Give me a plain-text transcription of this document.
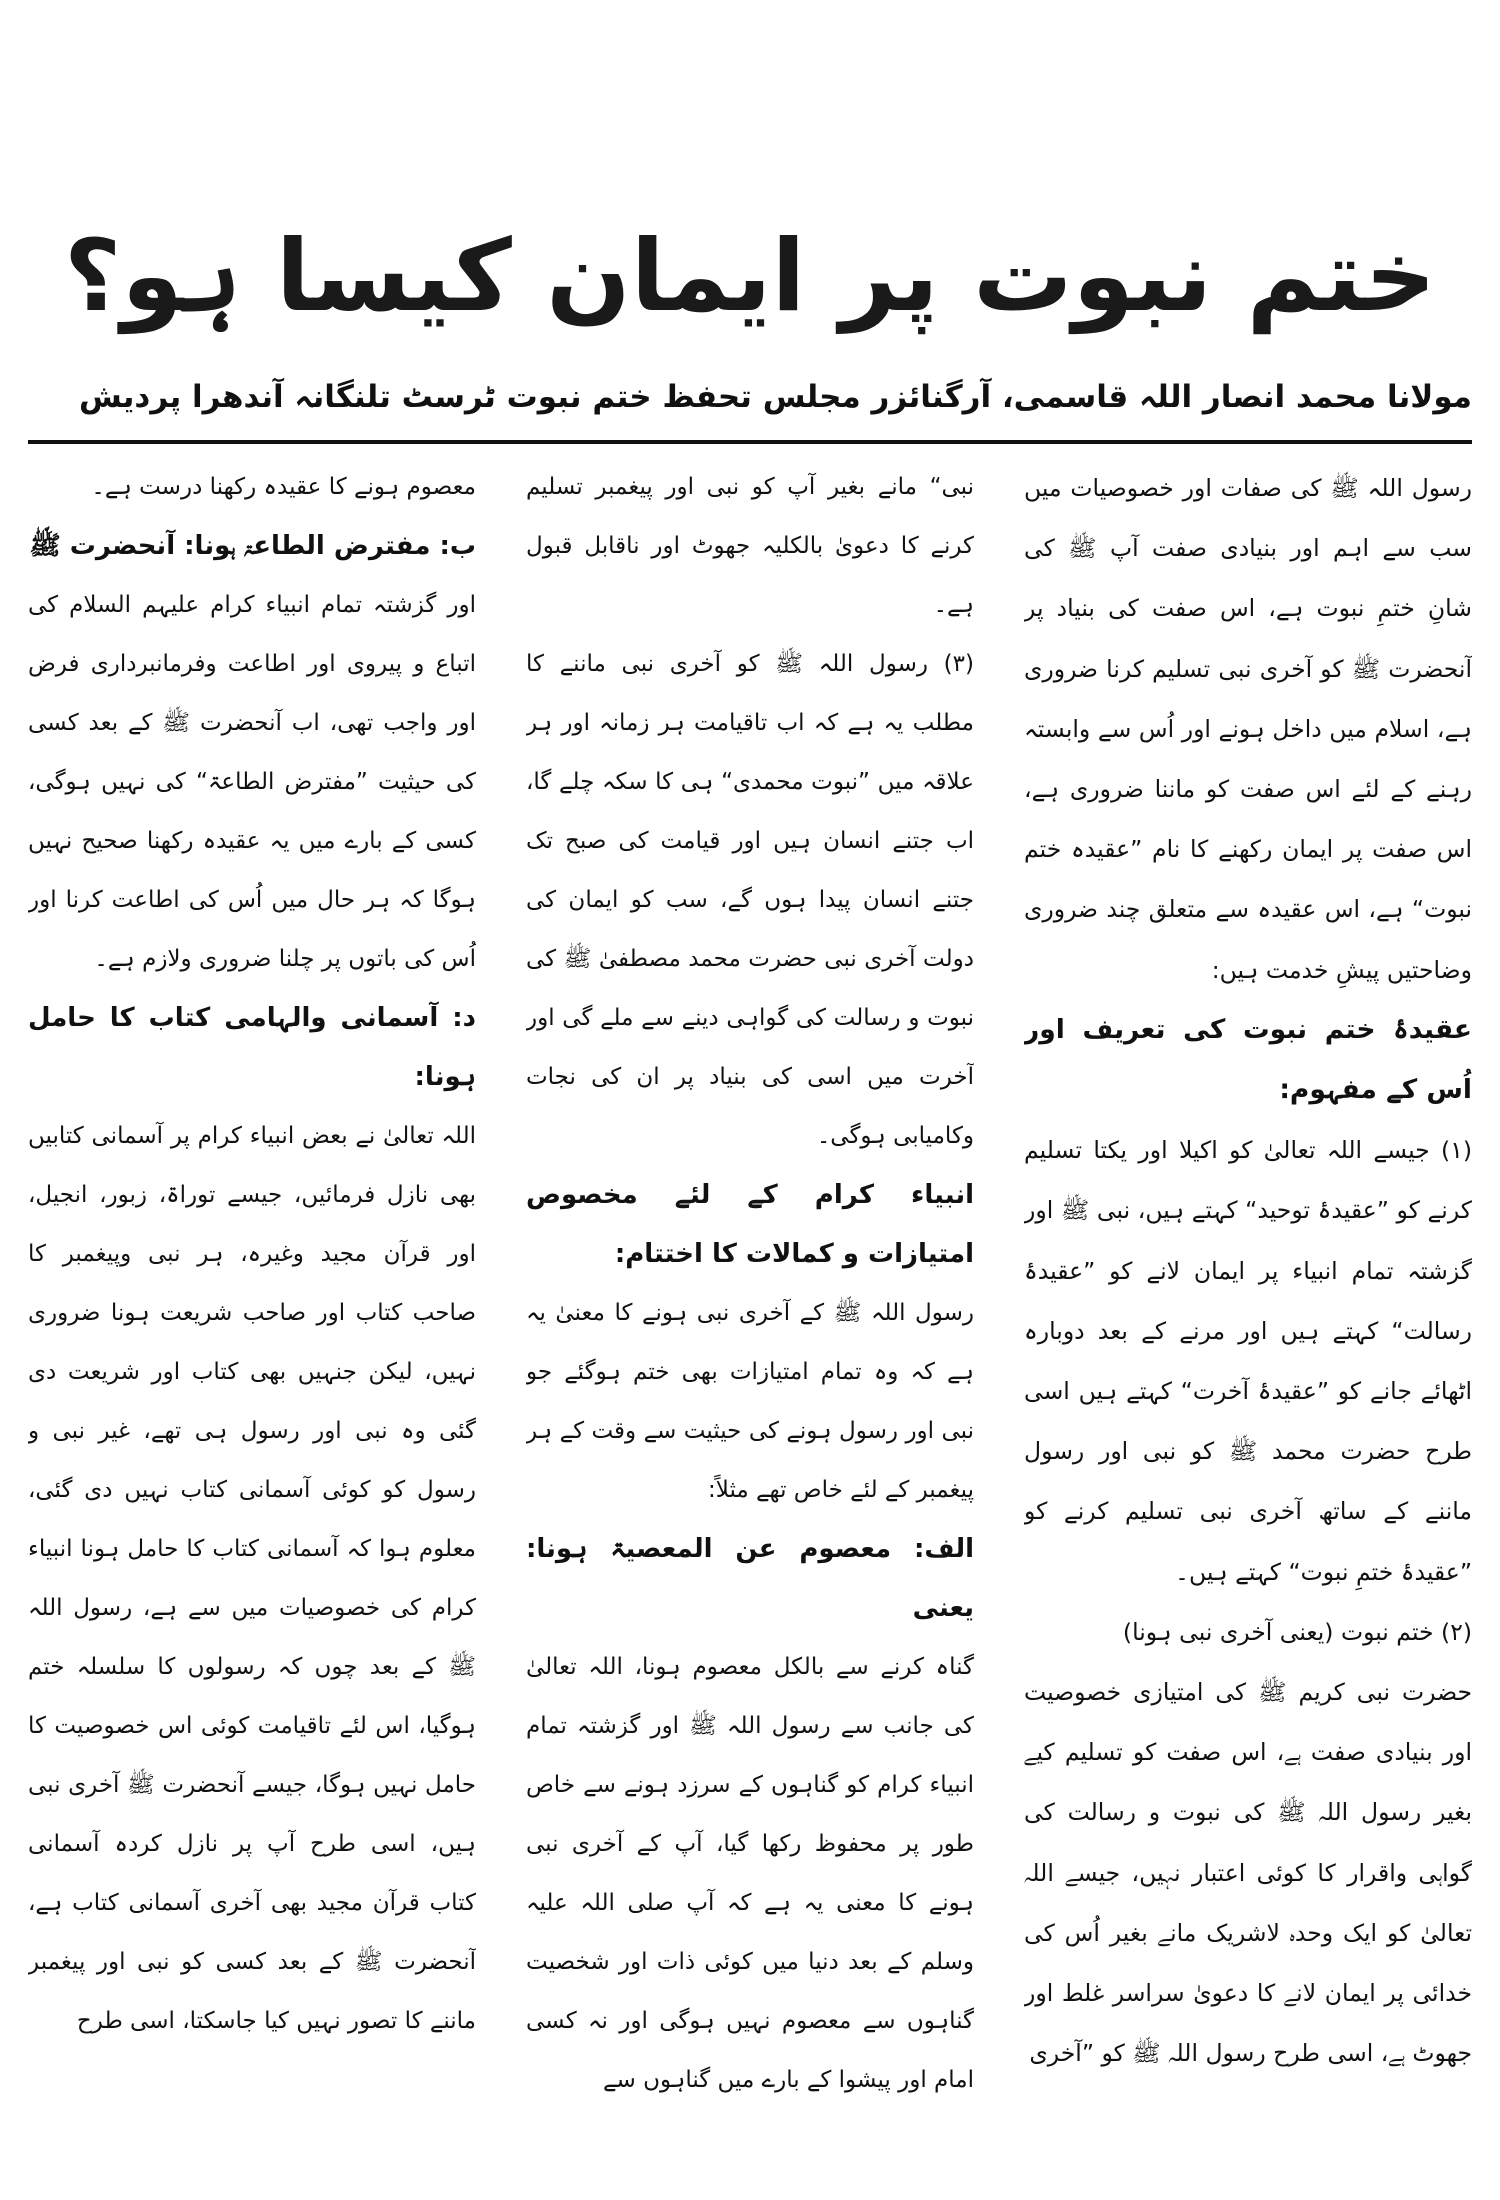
ختم نبوت پر ایمان کیسا ہو؟
مولانا محمد انصار اللہ قاسمی، آرگنائزر مجلس تحفظ ختم نبوت ٹرسٹ تلنگانہ آندھرا پردیش

رسول اللہ ﷺ کی صفات اور خصوصیات میں سب سے اہم اور بنیادی صفت آپ ﷺ کی شانِ ختمِ نبوت ہے، اس صفت کی بنیاد پر آنحضرت ﷺ کو آخری نبی تسلیم کرنا ضروری ہے، اسلام میں داخل ہونے اور اُس سے وابستہ رہنے کے لئے اس صفت کو ماننا ضروری ہے، اس صفت پر ایمان رکھنے کا نام ”عقیدہ ختم نبوت“ ہے، اس عقیدہ سے متعلق چند ضروری وضاحتیں پیشِ خدمت ہیں:

عقیدۂ ختم نبوت کی تعریف اور اُس کے مفہوم:

(۱) جیسے اللہ تعالیٰ کو اکیلا اور یکتا تسلیم کرنے کو ”عقیدۂ توحید“ کہتے ہیں، نبی ﷺ اور گزشتہ تمام انبیاء پر ایمان لانے کو ”عقیدۂ رسالت“ کہتے ہیں اور مرنے کے بعد دوبارہ اٹھائے جانے کو ”عقیدۂ آخرت“ کہتے ہیں اسی طرح حضرت محمد ﷺ کو نبی اور رسول ماننے کے ساتھ آخری نبی تسلیم کرنے کو ”عقیدۂ ختمِ نبوت“ کہتے ہیں۔

(۲) ختم نبوت (یعنی آخری نبی ہونا)

حضرت نبی کریم ﷺ کی امتیازی خصوصیت اور بنیادی صفت ہے، اس صفت کو تسلیم کیے بغیر رسول اللہ ﷺ کی نبوت و رسالت کی گواہی واقرار کا کوئی اعتبار نہیں، جیسے اللہ تعالیٰ کو ایک وحدہ لاشریک مانے بغیر اُس کی خدائی پر ایمان لانے کا دعویٰ سراسر غلط اور جھوٹ ہے، اسی طرح رسول اللہ ﷺ کو ”آخری

نبی“ مانے بغیر آپ کو نبی اور پیغمبر تسلیم کرنے کا دعویٰ بالکلیہ جھوٹ اور ناقابل قبول ہے۔

(۳) رسول اللہ ﷺ کو آخری نبی ماننے کا مطلب یہ ہے کہ اب تاقیامت ہر زمانہ اور ہر علاقہ میں ”نبوت محمدی“ ہی کا سکہ چلے گا، اب جتنے انسان ہیں اور قیامت کی صبح تک جتنے انسان پیدا ہوں گے، سب کو ایمان کی دولت آخری نبی حضرت محمد مصطفیٰ ﷺ کی نبوت و رسالت کی گواہی دینے سے ملے گی اور آخرت میں اسی کی بنیاد پر ان کی نجات وکامیابی ہوگی۔

انبیاء کرام کے لئے مخصوص امتیازات و کمالات کا اختتام:

رسول اللہ ﷺ کے آخری نبی ہونے کا معنیٰ یہ ہے کہ وہ تمام امتیازات بھی ختم ہوگئے جو نبی اور رسول ہونے کی حیثیت سے وقت کے ہر پیغمبر کے لئے خاص تھے مثلاً:

الف: معصوم عن المعصیۃ ہونا: یعنی

گناہ کرنے سے بالکل معصوم ہونا، اللہ تعالیٰ کی جانب سے رسول اللہ ﷺ اور گزشتہ تمام انبیاء کرام کو گناہوں کے سرزد ہونے سے خاص طور پر محفوظ رکھا گیا، آپ کے آخری نبی ہونے کا معنی یہ ہے کہ آپ صلی اللہ علیہ وسلم کے بعد دنیا میں کوئی ذات اور شخصیت گناہوں سے معصوم نہیں ہوگی اور نہ کسی امام اور پیشوا کے بارے میں گناہوں سے

معصوم ہونے کا عقیدہ رکھنا درست ہے۔

ب: مفترض الطاعۃ ہونا: آنحضرت ﷺ

اور گزشتہ تمام انبیاء کرام علیہم السلام کی اتباع و پیروی اور اطاعت وفرمانبرداری فرض اور واجب تھی، اب آنحضرت ﷺ کے بعد کسی کی حیثیت ”مفترض الطاعۃ“ کی نہیں ہوگی، کسی کے بارے میں یہ عقیدہ رکھنا صحیح نہیں ہوگا کہ ہر حال میں اُس کی اطاعت کرنا اور اُس کی باتوں پر چلنا ضروری ولازم ہے۔

د: آسمانی والہامی کتاب کا حامل ہونا:

اللہ تعالیٰ نے بعض انبیاء کرام پر آسمانی کتابیں بھی نازل فرمائیں، جیسے توراۃ، زبور، انجیل، اور قرآن مجید وغیرہ، ہر نبی وپیغمبر کا صاحب کتاب اور صاحب شریعت ہونا ضروری نہیں، لیکن جنہیں بھی کتاب اور شریعت دی گئی وہ نبی اور رسول ہی تھے، غیر نبی و رسول کو کوئی آسمانی کتاب نہیں دی گئی، معلوم ہوا کہ آسمانی کتاب کا حامل ہونا انبیاء کرام کی خصوصیات میں سے ہے، رسول اللہ ﷺ کے بعد چوں کہ رسولوں کا سلسلہ ختم ہوگیا، اس لئے تاقیامت کوئی اس خصوصیت کا حامل نہیں ہوگا، جیسے آنحضرت ﷺ آخری نبی ہیں، اسی طرح آپ پر نازل کردہ آسمانی کتاب قرآن مجید بھی آخری آسمانی کتاب ہے، آنحضرت ﷺ کے بعد کسی کو نبی اور پیغمبر ماننے کا تصور نہیں کیا جاسکتا، اسی طرح
